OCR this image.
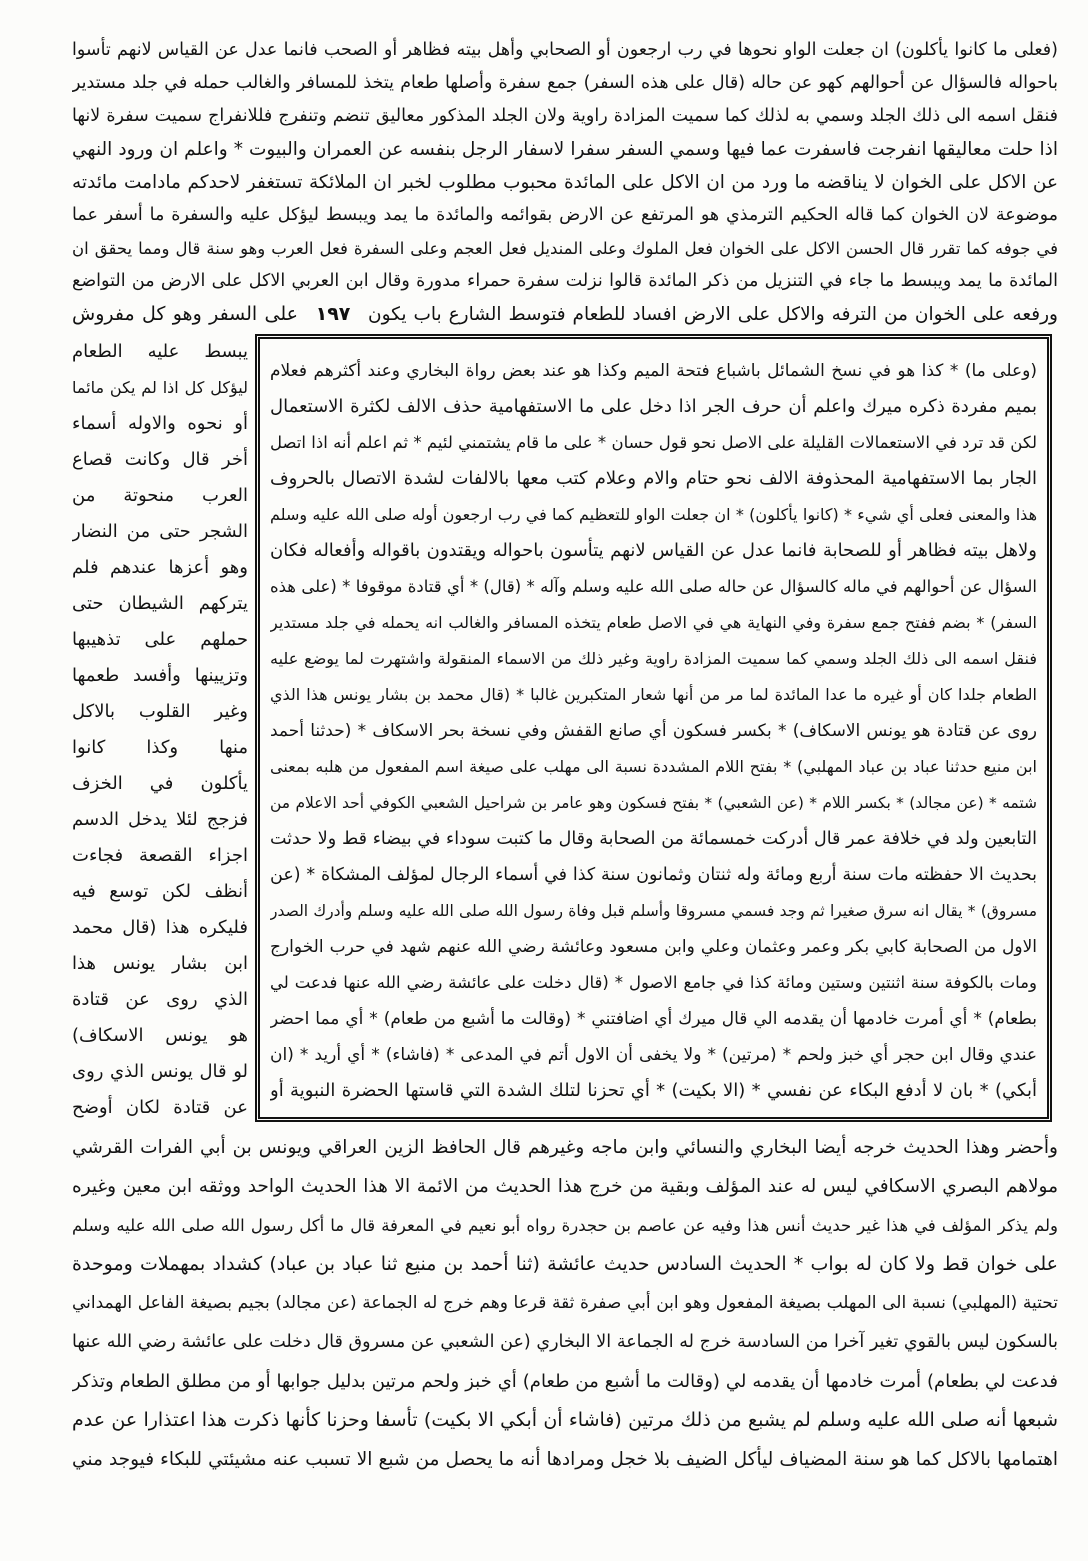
(فعلى ما كانوا يأكلون) ان جعلت الواو نحوها في رب ارجعون أو الصحابي وأهل بيته فظاهر أو الصحب فانما عدل عن القياس لانهم تأسوا
باحواله فالسؤال عن أحوالهم كهو عن حاله (قال على هذه السفر) جمع سفرة وأصلها طعام يتخذ للمسافر والغالب حمله في جلد مستدير
فنقل اسمه الى ذلك الجلد وسمي به لذلك كما سميت المزادة راوية ولان الجلد المذكور معاليق تنضم وتنفرج فللانفراج سميت سفرة لانها
اذا حلت معاليقها انفرجت فاسفرت عما فيها وسمي السفر سفرا لاسفار الرجل بنفسه عن العمران والبيوت * واعلم ان ورود النهي
عن الاكل على الخوان لا يناقضه ما ورد من ان الاكل على المائدة محبوب مطلوب لخبر ان الملائكة تستغفر لاحدكم مادامت مائدته
موضوعة لان الخوان كما قاله الحكيم الترمذي هو المرتفع عن الارض بقوائمه والمائدة ما يمد ويبسط ليؤكل عليه والسفرة ما أسفر عما
في جوفه كما تقرر قال الحسن الاكل على الخوان فعل الملوك وعلى المنديل فعل العجم وعلى السفرة فعل العرب وهو سنة قال ومما يحقق ان
المائدة ما يمد ويبسط ما جاء في التنزيل من ذكر المائدة قالوا نزلت سفرة حمراء مدورة وقال ابن العربي الاكل على الارض من التواضع
ورفعه على الخوان من الترفه والاكل على الارض افساد للطعام فتوسط الشارع باب يكون
١٩٧
على السفر وهو كل مفروش
يبسط عليه الطعام
ليؤكل كل اذا لم يكن مائما
أو نحوه والاوله أسماء
أخر قال وكانت قصاع
العرب منحوتة من
الشجر حتى من النضار
وهو أعزها عندهم فلم
يتركهم الشيطان حتى
حملهم على تذهيبها
وتزيينها وأفسد طعمها
وغير القلوب بالاكل
منها وكذا كانوا
يأكلون في الخزف
فزجج لئلا يدخل الدسم
اجزاء القصعة فجاءت
أنظف لكن توسع فيه
فليكره هذا (قال محمد
ابن بشار يونس هذا
الذي روى عن قتادة
هو يونس الاسكاف)
لو قال يونس الذي روى
عن قتادة لكان أوضح
(وعلى ما) * كذا هو في نسخ الشمائل باشباع فتحة الميم وكذا هو عند بعض رواة البخاري وعند أكثرهم فعلام
بميم مفردة ذكره ميرك واعلم أن حرف الجر اذا دخل على ما الاستفهامية حذف الالف لكثرة الاستعمال
لكن قد ترد في الاستعمالات القليلة على الاصل نحو قول حسان * على ما قام يشتمني لئيم * ثم اعلم أنه اذا اتصل
الجار بما الاستفهامية المحذوفة الالف نحو حتام والام وعلام كتب معها بالالفات لشدة الاتصال بالحروف
هذا والمعنى فعلى أي شيء * (كانوا يأكلون) * ان جعلت الواو للتعظيم كما في رب ارجعون أوله صلى الله عليه وسلم
ولاهل بيته فظاهر أو للصحابة فانما عدل عن القياس لانهم يتأسون باحواله ويقتدون باقواله وأفعاله فكان
السؤال عن أحوالهم في ماله كالسؤال عن حاله صلى الله عليه وسلم وآله * (قال) * أي قتادة موقوفا * (على هذه
السفر) * بضم ففتح جمع سفرة وفي النهاية هي في الاصل طعام يتخذه المسافر والغالب انه يحمله في جلد مستدير
فنقل اسمه الى ذلك الجلد وسمي كما سميت المزادة راوية وغير ذلك من الاسماء المنقولة واشتهرت لما يوضع عليه
الطعام جلدا كان أو غيره ما عدا المائدة لما مر من أنها شعار المتكبرين غالبا * (قال محمد بن بشار يونس هذا الذي
روى عن قتادة هو يونس الاسكاف) * بكسر فسكون أي صانع القفش وفي نسخة بحر الاسكاف * (حدثنا أحمد
ابن منيع حدثنا عباد بن عباد المهلبي) * بفتح اللام المشددة نسبة الى مهلب على صيغة اسم المفعول من هلبه بمعنى
شتمه * (عن مجالد) * بكسر اللام * (عن الشعبي) * بفتح فسكون وهو عامر بن شراحيل الشعبي الكوفي أحد الاعلام من
التابعين ولد في خلافة عمر قال أدركت خمسمائة من الصحابة وقال ما كتبت سوداء في بيضاء قط ولا حدثت
بحديث الا حفظته مات سنة أربع ومائة وله ثنتان وثمانون سنة كذا في أسماء الرجال لمؤلف المشكاة * (عن
مسروق) * يقال انه سرق صغيرا ثم وجد فسمي مسروقا وأسلم قبل وفاة رسول الله صلى الله عليه وسلم وأدرك الصدر
الاول من الصحابة كابي بكر وعمر وعثمان وعلي وابن مسعود وعائشة رضي الله عنهم شهد في حرب الخوارج
ومات بالكوفة سنة اثنتين وستين ومائة كذا في جامع الاصول * (قال دخلت على عائشة رضي الله عنها فدعت لي
بطعام) * أي أمرت خادمها أن يقدمه الي قال ميرك أي اضافتني * (وقالت ما أشبع من طعام) * أي مما احضر
عندي وقال ابن حجر أي خبز ولحم * (مرتين) * ولا يخفى أن الاول أتم في المدعى * (فاشاء) * أي أريد * (ان
أبكي) * بان لا أدفع البكاء عن نفسي * (الا بكيت) * أي تحزنا لتلك الشدة التي قاستها الحضرة النبوية أو
وأحضر وهذا الحديث خرجه أيضا البخاري والنسائي وابن ماجه وغيرهم قال الحافظ الزين العراقي ويونس بن أبي الفرات القرشي
مولاهم البصري الاسكافي ليس له عند المؤلف وبقية من خرج هذا الحديث من الائمة الا هذا الحديث الواحد ووثقه ابن معين وغيره
ولم يذكر المؤلف في هذا غير حديث أنس هذا وفيه عن عاصم بن حجدرة رواه أبو نعيم في المعرفة قال ما أكل رسول الله صلى الله عليه وسلم
على خوان قط ولا كان له بواب * الحديث السادس حديث عائشة (ثنا أحمد بن منيع ثنا عباد بن عباد) كشداد بمهملات وموحدة
تحتية (المهلبي) نسبة الى المهلب بصيغة المفعول وهو ابن أبي صفرة ثقة قرعا وهم خرج له الجماعة (عن مجالد) بجيم بصيغة الفاعل الهمداني
بالسكون ليس بالقوي تغير آخرا من السادسة خرج له الجماعة الا البخاري (عن الشعبي عن مسروق قال دخلت على عائشة رضي الله عنها
فدعت لي بطعام) أمرت خادمها أن يقدمه لي (وقالت ما أشبع من طعام) أي خبز ولحم مرتين بدليل جوابها أو من مطلق الطعام وتذكر
شبعها أنه صلى الله عليه وسلم لم يشبع من ذلك مرتين (فاشاء أن أبكي الا بكيت) تأسفا وحزنا كأنها ذكرت هذا اعتذارا عن عدم
اهتمامها بالاكل كما هو سنة المضياف ليأكل الضيف بلا خجل ومرادها أنه ما يحصل من شبع الا تسبب عنه مشيئتي للبكاء فيوجد مني
